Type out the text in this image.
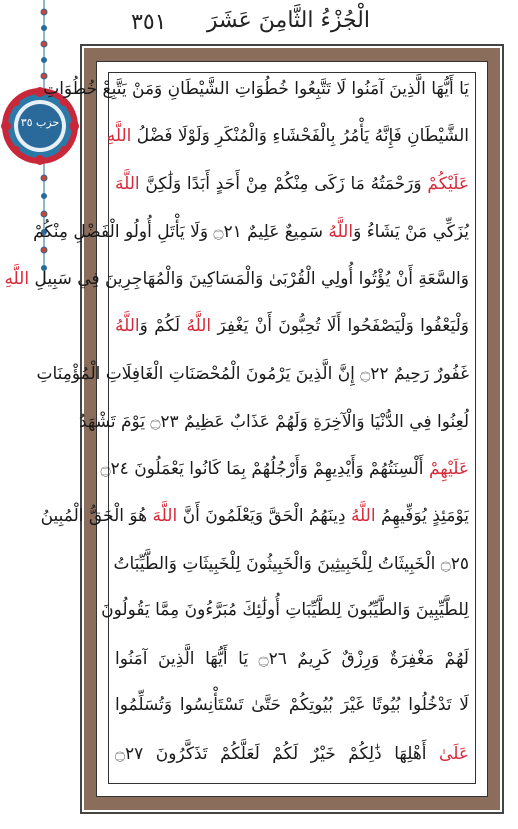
حزب ٣٥
٣٥١ الْجُزْءُ الثَّامِنَ عَشَرَ
يَا أَيُّهَا الَّذِينَ آمَنُوا لَا تَتَّبِعُوا خُطُوَاتِ الشَّيْطَانِ وَمَنْ يَتَّبِعْ خُطُوَاتِ
الشَّيْطَانِ فَإِنَّهُ يَأْمُرُ بِالْفَحْشَاءِ وَالْمُنْكَرِ وَلَوْلَا فَضْلُ اللَّهِ
عَلَيْكُمْ وَرَحْمَتُهُ مَا زَكَى مِنْكُمْ مِنْ أَحَدٍ أَبَدًا وَلَٰكِنَّ اللَّهَ
يُزَكِّي مَنْ يَشَاءُ وَاللَّهُ سَمِيعٌ عَلِيمٌ ۝٢١ وَلَا يَأْتَلِ أُولُو الْفَضْلِ مِنْكُمْ
وَالسَّعَةِ أَنْ يُؤْتُوا أُولِي الْقُرْبَىٰ وَالْمَسَاكِينَ وَالْمُهَاجِرِينَ فِي سَبِيلِ اللَّهِ
وَلْيَعْفُوا وَلْيَصْفَحُوا أَلَا تُحِبُّونَ أَنْ يَغْفِرَ اللَّهُ لَكُمْ وَاللَّهُ
غَفُورٌ رَحِيمٌ ۝٢٢ إِنَّ الَّذِينَ يَرْمُونَ الْمُحْصَنَاتِ الْغَافِلَاتِ الْمُؤْمِنَاتِ
لُعِنُوا فِي الدُّنْيَا وَالْآخِرَةِ وَلَهُمْ عَذَابٌ عَظِيمٌ ۝٢٣ يَوْمَ تَشْهَدُ
عَلَيْهِمْ أَلْسِنَتُهُمْ وَأَيْدِيهِمْ وَأَرْجُلُهُمْ بِمَا كَانُوا يَعْمَلُونَ ۝٢٤
يَوْمَئِذٍ يُوَفِّيهِمُ اللَّهُ دِينَهُمُ الْحَقَّ وَيَعْلَمُونَ أَنَّ اللَّهَ هُوَ الْحَقُّ الْمُبِينُ
۝٢٥ الْخَبِيثَاتُ لِلْخَبِيثِينَ وَالْخَبِيثُونَ لِلْخَبِيثَاتِ وَالطَّيِّبَاتُ
لِلطَّيِّبِينَ وَالطَّيِّبُونَ لِلطَّيِّبَاتِ أُولَٰئِكَ مُبَرَّءُونَ مِمَّا يَقُولُونَ
لَهُمْ مَغْفِرَةٌ وَرِزْقٌ كَرِيمٌ ۝٢٦ يَا أَيُّهَا الَّذِينَ آمَنُوا
لَا تَدْخُلُوا بُيُوتًا غَيْرَ بُيُوتِكُمْ حَتَّىٰ تَسْتَأْنِسُوا وَتُسَلِّمُوا
عَلَىٰ أَهْلِهَا ذَٰلِكُمْ خَيْرٌ لَكُمْ لَعَلَّكُمْ تَذَكَّرُونَ ۝٢٧
